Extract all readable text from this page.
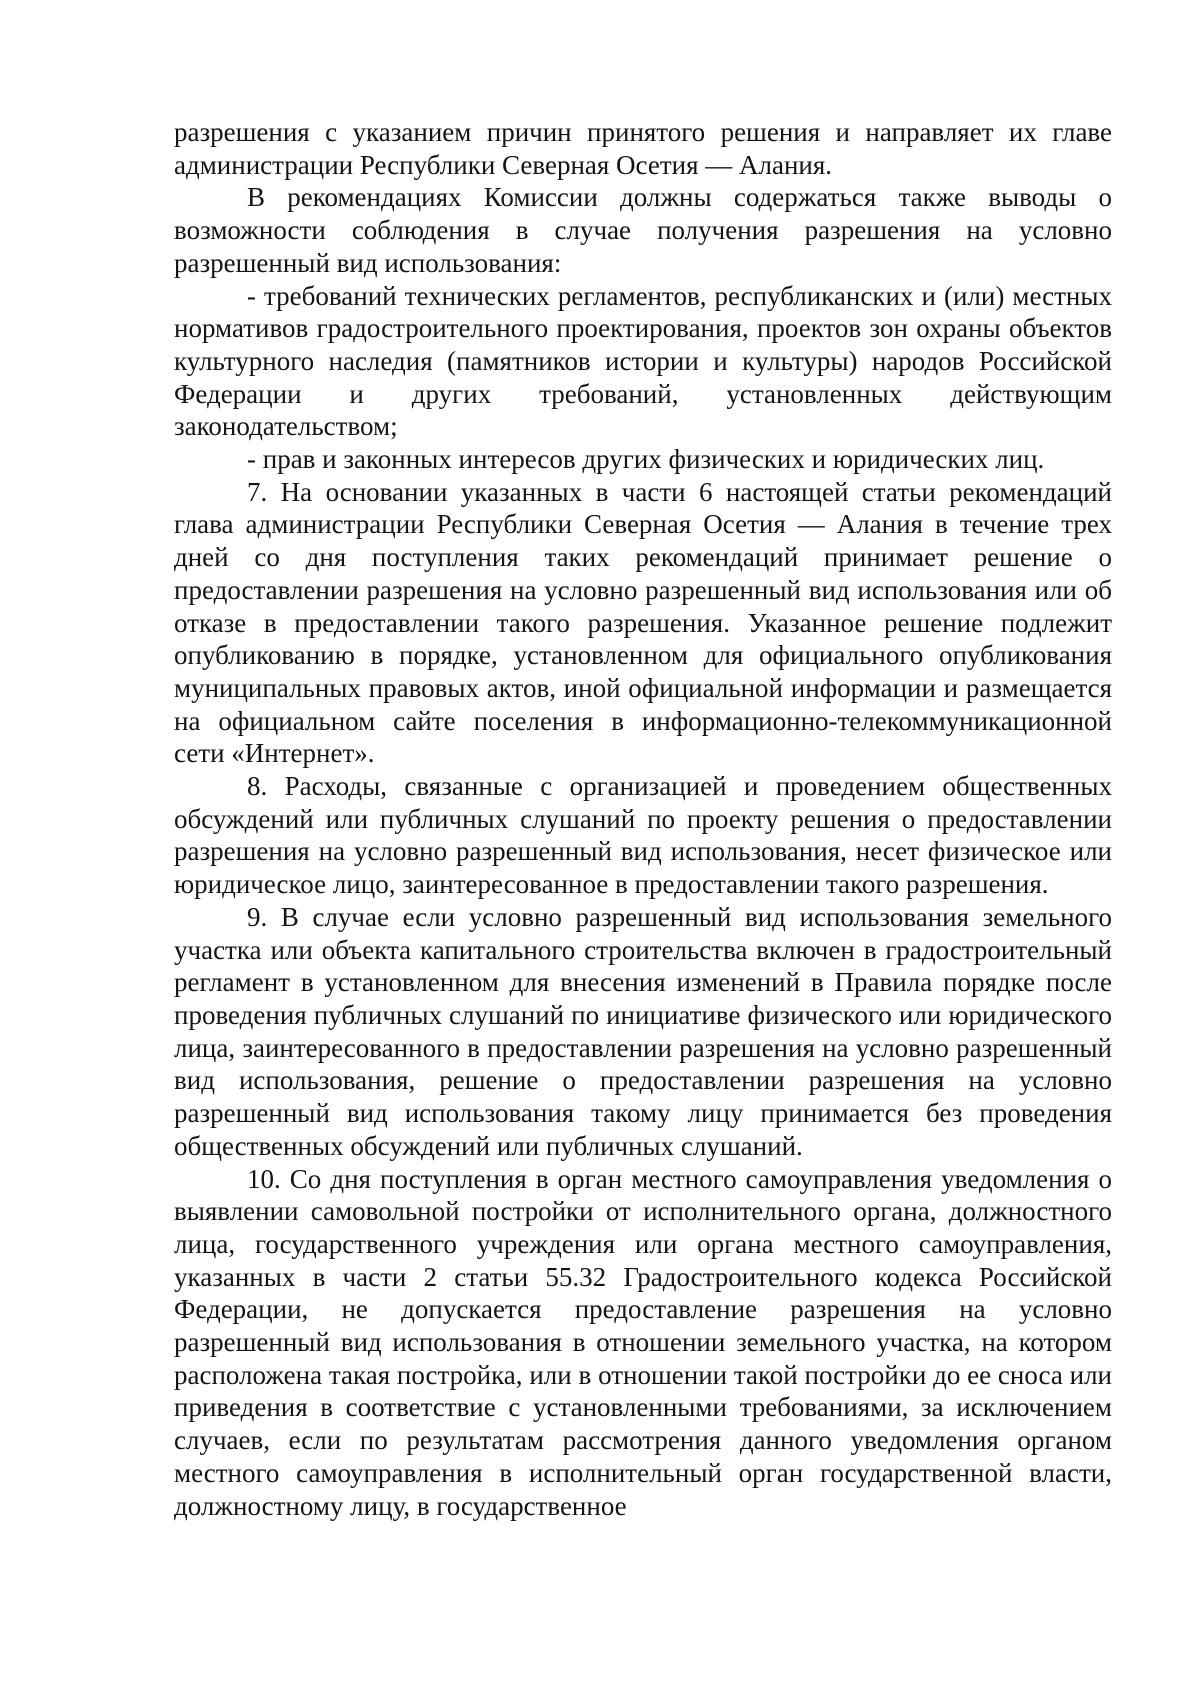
разрешения с указанием причин принятого решения и направляет их главе администрации Республики Северная Осетия — Алания.

В рекомендациях Комиссии должны содержаться также выводы о возможности соблюдения в случае получения разрешения на условно разрешенный вид использования:

- требований технических регламентов, республиканских и (или) местных нормативов градостроительного проектирования, проектов зон охраны объектов культурного наследия (памятников истории и культуры) народов Российской Федерации и других требований, установленных действующим законодательством;

- прав и законных интересов других физических и юридических лиц.

7. На основании указанных в части 6 настоящей статьи рекомендаций глава администрации Республики Северная Осетия — Алания в течение трех дней со дня поступления таких рекомендаций принимает решение о предоставлении разрешения на условно разрешенный вид использования или об отказе в предоставлении такого разрешения. Указанное решение подлежит опубликованию в порядке, установленном для официального опубликования муниципальных правовых актов, иной официальной информации и размещается на официальном сайте поселения в информационно-телекоммуникационной сети «Интернет».

8. Расходы, связанные с организацией и проведением общественных обсуждений или публичных слушаний по проекту решения о предоставлении разрешения на условно разрешенный вид использования, несет физическое или юридическое лицо, заинтересованное в предоставлении такого разрешения.

9. В случае если условно разрешенный вид использования земельного участка или объекта капитального строительства включен в градостроительный регламент в установленном для внесения изменений в Правила порядке после проведения публичных слушаний по инициативе физического или юридического лица, заинтересованного в предоставлении разрешения на условно разрешенный вид использования, решение о предоставлении разрешения на условно разрешенный вид использования такому лицу принимается без проведения общественных обсуждений или публичных слушаний.

10. Со дня поступления в орган местного самоуправления уведомления о выявлении самовольной постройки от исполнительного органа, должностного лица, государственного учреждения или органа местного самоуправления, указанных в части 2 статьи 55.32 Градостроительного кодекса Российской Федерации, не допускается предоставление разрешения на условно разрешенный вид использования в отношении земельного участка, на котором расположена такая постройка, или в отношении такой постройки до ее сноса или приведения в соответствие с установленными требованиями, за исключением случаев, если по результатам рассмотрения данного уведомления органом местного самоуправления в исполнительный орган государственной власти, должностному лицу, в государственное
